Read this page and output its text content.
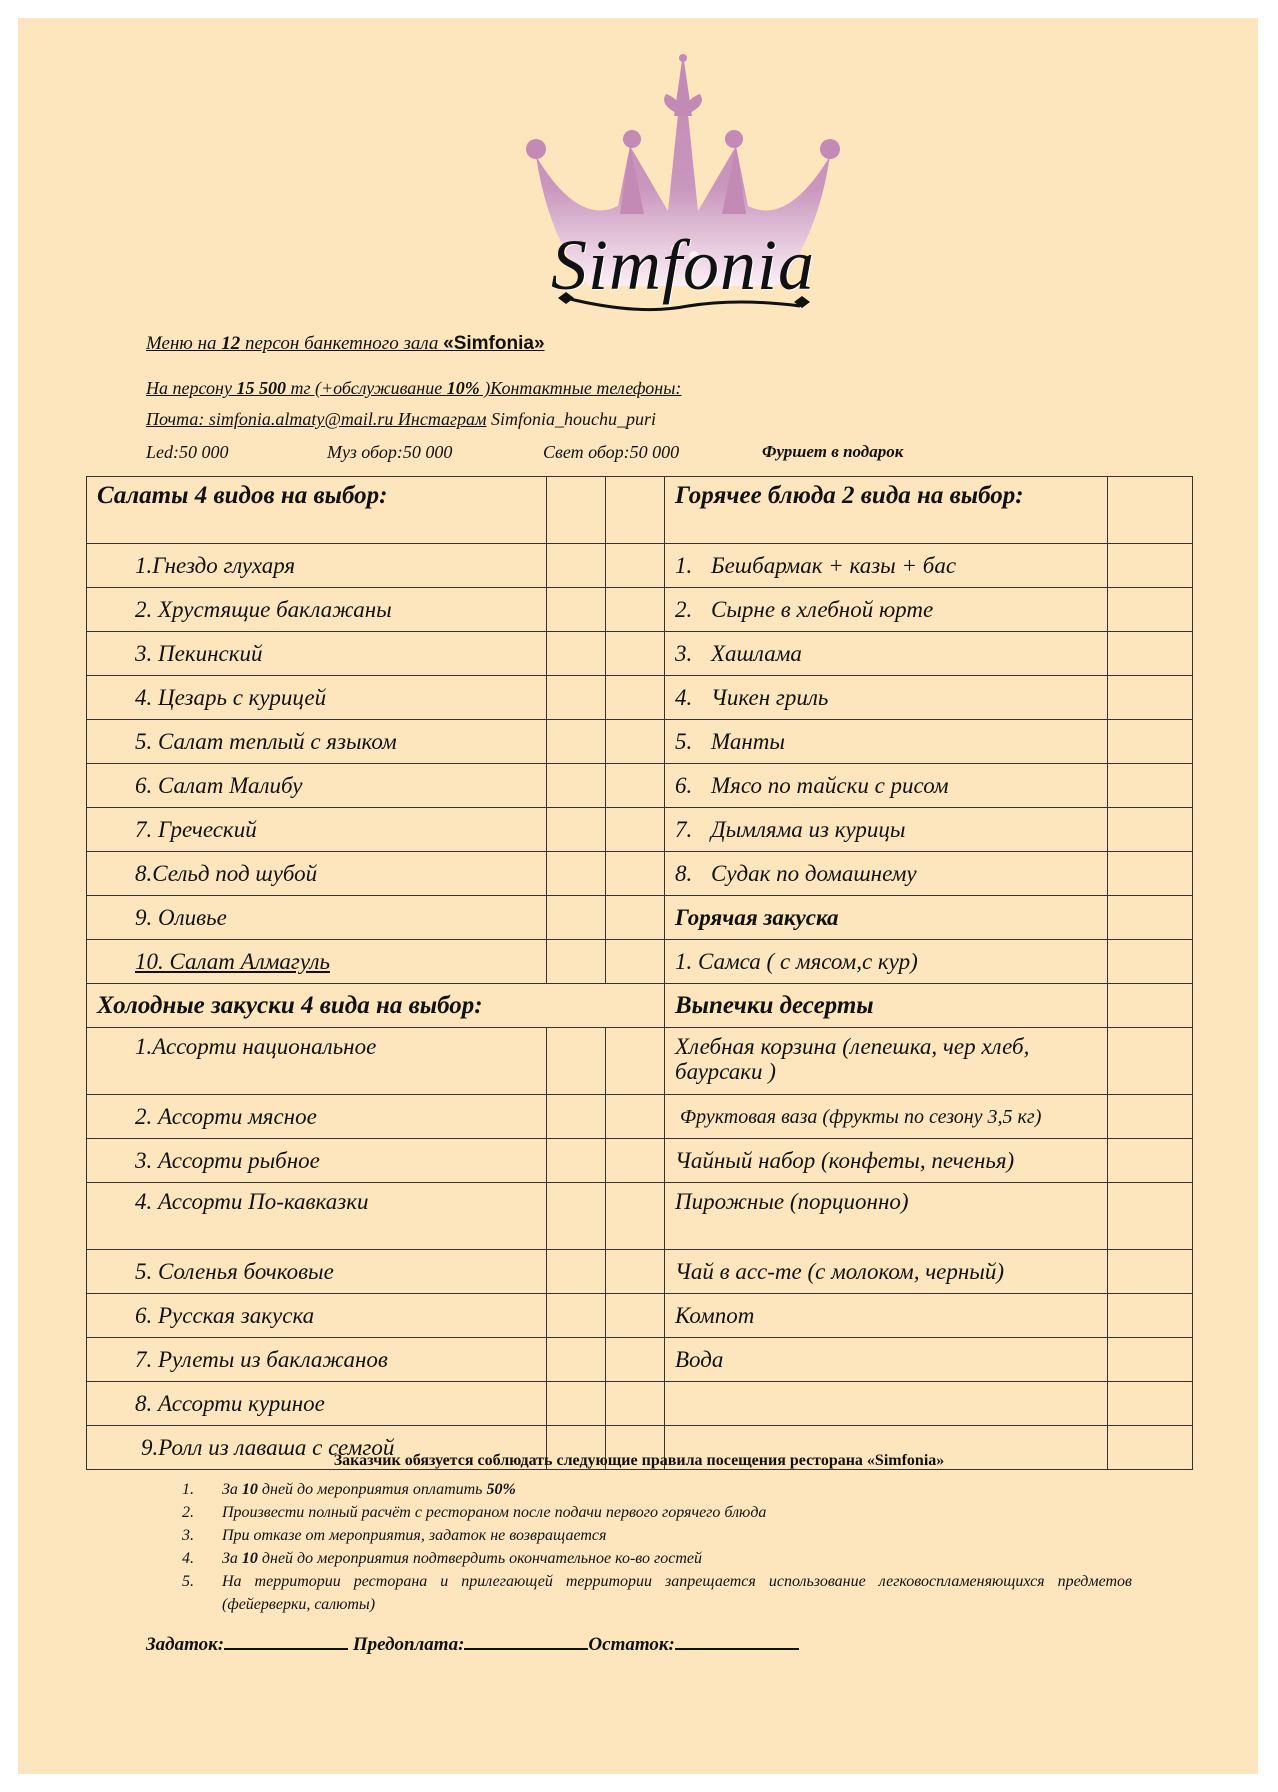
Simfonia
Меню на 12 персон банкетного зала «Simfonia»
На персону 15 500 тг (+обслуживание 10% )Контактные телефоны:
Почта: simfonia.almaty@mail.ru Инстаграм Simfonia_houchu_puri
Led:50 000	Муз обор:50 000	Свет обор:50 000	Фуршет в подарок
Салаты 4 видов на выбор:			Горячее блюда 2 вида на выбор:	
1.Гнездо глухаря			1. Бешбармак + казы + бас	
2. Хрустящие баклажаны			2. Сырне в хлебной юрте	
3. Пекинский			3. Хашлама	
4. Цезарь с курицей			4. Чикен гриль	
5. Салат теплый с языком			5. Манты	
6. Салат Малибу			6. Мясо по тайски с рисом	
7. Греческий			7. Дымляма из курицы	
8.Сельд под шубой			8. Судак по домашнему	
9. Оливье			Горячая закуска	
10. Салат Алмагуль			1. Самса ( с мясом,с кур)	
Холодные закуски 4 вида на выбор:			Выпечки десерты	
1.Ассорти национальное			Хлебная корзина (лепешка, чер хлеб, баурсаки )	
2. Ассорти мясное			Фруктовая ваза (фрукты по сезону 3,5 кг)	
3. Ассорти рыбное			Чайный набор (конфеты, печенья)	
4. Ассорти По-кавказки			Пирожные (порционно)	
5. Соленья бочковые			Чай в асс-те (с молоком, черный)	
6. Русская закуска			Компот	
7. Рулеты из баклажанов			Вода	
8. Ассорти куриное				
9.Ролл из лаваша с семгой				
Заказчик обязуется соблюдать следующие правила посещения ресторана «Simfonia»
1. За 10 дней до мероприятия оплатить 50%
2. Произвести полный расчёт с рестораном после подачи первого горячего блюда
3. При отказе от мероприятия, задаток не возвращается
4. За 10 дней до мероприятия подтвердить окончательное ко-во гостей
5. На территории ресторана и прилегающей территории запрещается использование легковоспламеняющихся предметов (фейерверки, салюты)
Задаток:	Предоплата:	Остаток:
